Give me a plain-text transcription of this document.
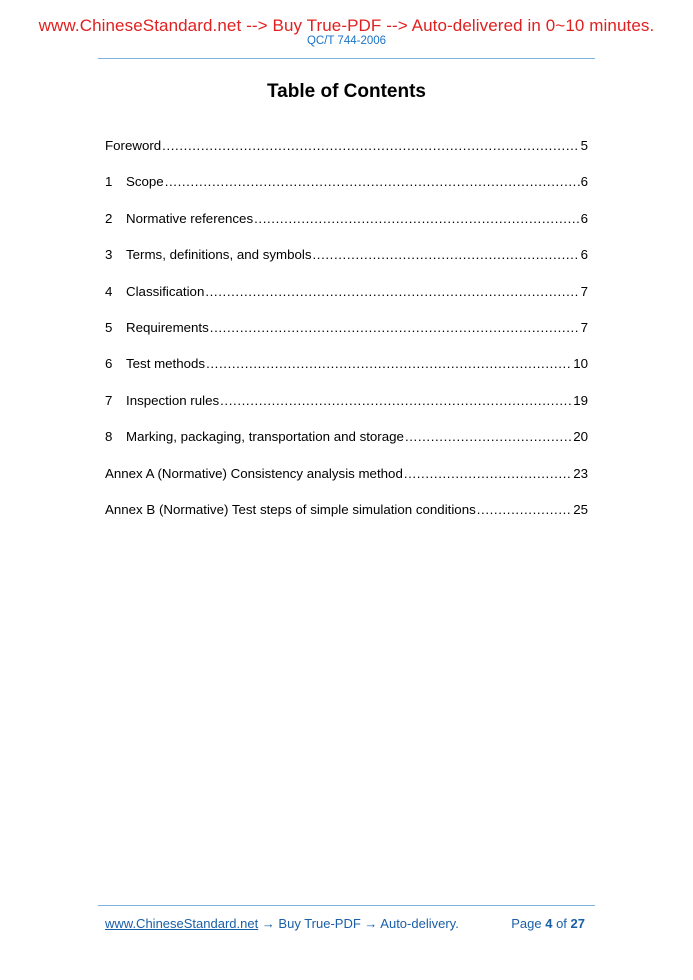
www.ChineseStandard.net --> Buy True-PDF --> Auto-delivered in 0~10 minutes.
QC/T 744-2006
Table of Contents
Foreword .....	5
1	Scope .....	6
2	Normative references .....	6
3	Terms, definitions, and symbols .....	6
4	Classification .....	7
5	Requirements .....	7
6	Test methods .....	10
7	Inspection rules .....	19
8	Marking, packaging, transportation and storage .....	20
Annex A (Normative) Consistency analysis method .....	23
Annex B (Normative) Test steps of simple simulation conditions .....	25
www.ChineseStandard.net → Buy True-PDF → Auto-delivery.	Page 4 of 27
